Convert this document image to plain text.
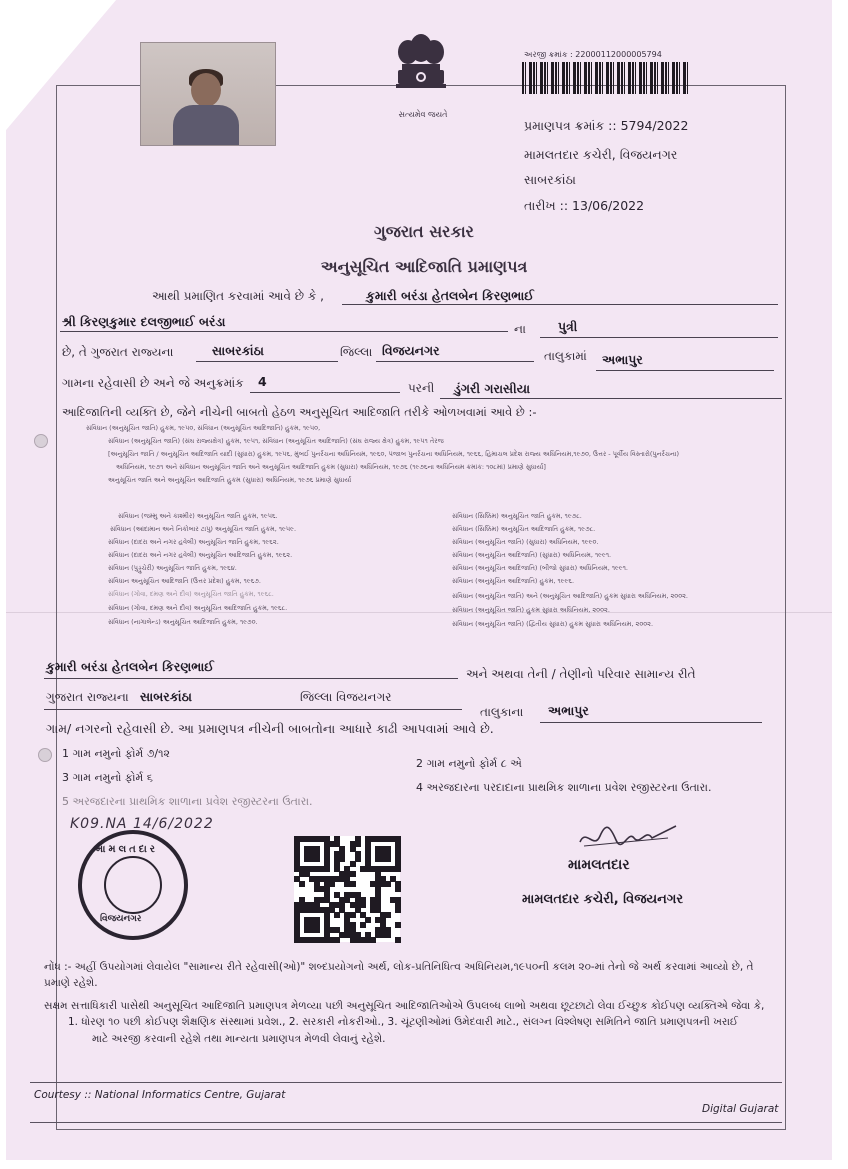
સત્યમેવ જયતે
અરજી ક્રમાંક : 22000112000005794
પ્રમાણપત્ર ક્રમાંક :: 5794/2022
મામલતદાર કચેરી, વિજયનગર
સાબરકાંઠા
તારીખ :: 13/06/2022
ગુજરાત સરકાર
અનુસૂચિત આદિજાતિ પ્રમાણપત્ર
આથી પ્રમાણિત કરવામાં આવે છે કે ,	કુમારી બરંડા હેતલબેન કિરણભાઈ
શ્રી કિરણકુમાર દલજીભાઈ બરંડા	ના	પુત્રી
છે, તે ગુજરાત રાજ્યના	સાબરકાંઠા	જિલ્લા વિજયનગર	તાલુકામાં અભાપુર
ગામના રહેવાસી છે અને જે અનુક્રમાંક 4	પરની ડુંગરી ગરાસીયા
આદિજાતિની વ્યક્તિ છે, જેને નીચેની બાબતો હેઠળ અનુસૂચિત આદિજાતિ તરીકે ઓળખવામાં આવે છે :-
સંવિધાન (અનુસૂચિત જાતિ) હુકમ, ૧૯૫૦, સંવિધાન (અનુસૂચિત આદિજાતિ) હુકમ, ૧૯૫૦,
સંવિધાન (અનુસૂચિત જાતિ) (સંઘ રાજ્યક્ષેત્ર) હુકમ, ૧૯૫૧, સંવિધાન (અનુસૂચિત આદિજાતિ) (સંઘ રાજ્ય ક્ષેત્ર) હુકમ, ૧૯૫૧ તેરજ
[અનુસૂચિત જાતિ / અનુસૂચિત આદિજાતિ યાદી (સુધારા) હુકમ, ૧૯૫૬, મુંબઈ પુનર્રચના અધિનિયમ, ૧૯૬૦, પંજાબ પુનર્રચના અધિનિયમ, ૧૯૬૬, હિમાચલ પ્રદેશ રાજ્ય અધિનિયમ,૧૯૭૦, ઉત્તર - પૂર્વીય વિસ્તારો(પુનર્રચના)
અધિનિયમ, ૧૯૭૧ અને સંવિધાન અનુસૂચિત જાતિ અને અનુસૂચિત આદિજાતિ હુકમ (સુધારા) અધિનિયમ, ૧૯૭૬ (૧૯૭૬ના અધિનિયમ ક્રમાંક: ૧૦૮માં) પ્રમાણે સુધાર્યા]
અનુસૂચિત જાતિ અને અનુસૂચિત આદિજાતિ હુકમ (સુધારા) અધિનિયમ, ૧૯૭૬ પ્રમાણે સુધાર્યા
સંવિધાન (જમ્મુ અને કાશ્મીર) અનુસૂચિત જાતિ હુકમ, ૧૯૫૬.
સંવિધાન (આંદામાન અને નિકોબાર ટાપુ) અનુસૂચિત જાતિ હુકમ, ૧૯૫૯.
સંવિધાન (દાદરા અને નગર હવેલી) અનુસૂચિત જાતિ હુકમ, ૧૯૬૨.
સંવિધાન (દાદરા અને નગર હવેલી) અનુસૂચિત આદિજાતિ હુકમ, ૧૯૬૨.
સંવિધાન (પુડ્ડુચેરી) અનુસૂચિત જાતિ હુકમ, ૧૯૬૪.
સંવિધાન અનુસૂચિત આદિજાતિ (ઉત્તર પ્રદેશ) હુકમ, ૧૯૬૭.
સંવિધાન (ગોવા, દમણ અને દીવ) અનુસૂચિત જાતિ હુકમ, ૧૯૬૮.
સંવિધાન (ગોવા, દમણ અને દીવ) અનુસૂચિત આદિજાતિ હુકમ, ૧૯૬૮.
સંવિધાન (નાગાલેન્ડ) અનુસૂચિત આદિજાતિ હુકમ, ૧૯૭૦.
સંવિધાન (સિક્કિમ) અનુસૂચિત જાતિ હુકમ, ૧૯૭૮.
સંવિધાન (સિક્કિમ) અનુસૂચિત આદિજાતિ હુકમ, ૧૯૭૮.
સંવિધાન (અનુસૂચિત જાતિ) (સુધારા) અધિનિયમ, ૧૯૯૦.
સંવિધાન (અનુસૂચિત આદિજાતિ) (સુધારા) અધિનિયમ, ૧૯૯૧.
સંવિધાન (અનુસૂચિત આદિજાતિ) (બીજો સુધારા) અધિનિયમ, ૧૯૯૧.
સંવિધાન (અનુસૂચિત આદિજાતિ) હુકમ, ૧૯૯૬.
સંવિધાન (અનુસૂચિત જાતિ) અને (અનુસૂચિત આદિજાતિ) હુકમ સુધારા અધિનિયમ, ૨૦૦૨.
સંવિધાન (અનુસૂચિત જાતિ) હુકમ સુધારા અધિનિયમ, ૨૦૦૨.
સંવિધાન (અનુસૂચિત જાતિ) (દ્વિતીય સુધારા) હુકમ સુધારા અધિનિયમ, ૨૦૦૨.
કુમારી બરંડા હેતલબેન કિરણભાઈ	અને અથવા તેની / તેણીનો પરિવાર સામાન્ય રીતે
ગુજરાત રાજ્યના સાબરકાંઠા	જિલ્લા વિજયનગર
તાલુકાના અભાપુર
ગામ/ નગરનો રહેવાસી છે. આ પ્રમાણપત્ર નીચેની બાબતોના આધારે કાઢી આપવામાં આવે છે.
1 ગામ નમુનો ફોર્મ ૭/૧૨
2 ગામ નમુનો ફોર્મ ૮ એ
3 ગામ નમુનો ફોર્મ ૬
4 અરજદારના પરદાદાના પ્રાથમિક શાળાના પ્રવેશ રજીસ્ટરના ઉતારા.
5 અરજદારના પ્રાથમિક શાળાના પ્રવેશ રજીસ્ટરના ઉતારા.
K09.NA 14/6/2022
મામલતદાર
વિજયનગર
મામલતદાર
મામલતદાર કચેરી, વિજયનગર
નોંધ :- અહીં ઉપયોગમાં લેવાયેલ "સામાન્ય રીતે રહેવાસી(ઓ)" શબ્દપ્રયોગનો અર્થ, લોક-પ્રતિનિધિત્વ અધિનિયમ,૧૯૫૦ની કલમ ૨૦-માં તેનો જે અર્થ કરવામાં આવ્યો છે, તે
પ્રમાણે રહેશે.
સક્ષમ સત્તાધિકારી પાસેથી અનુસૂચિત આદિજાતિ પ્રમાણપત્ર મેળવ્યા પછી અનુસૂચિત આદિજાતિઓએ ઉપલબ્ધ લાભો અથવા છૂટછાટો લેવા ઈચ્છુક કોઈપણ વ્યક્તિએ જેવા કે,
1. ધોરણ ૧૦ પછી કોઈપણ શૈક્ષણિક સંસ્થામાં પ્રવેશ., 2. સરકારી નોકરીઓ., 3. ચૂંટણીઓમાં ઉમેદવારી માટે., સંલગ્ન વિશ્લેષણ સમિતિને જાતિ પ્રમાણપત્રની ખરાઈ
માટે અરજી કરવાની રહેશે તથા માન્યતા પ્રમાણપત્ર મેળવી લેવાનું રહેશે.
Courtesy :: National Informatics Centre, Gujarat
Digital Gujarat
